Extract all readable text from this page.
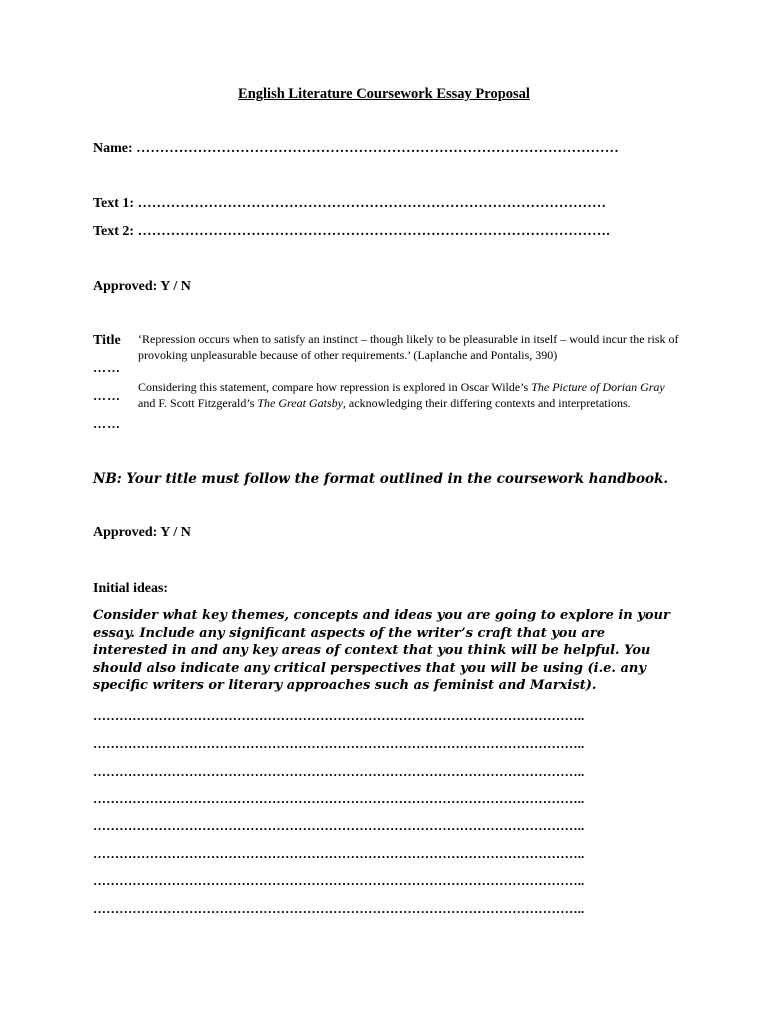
English Literature Coursework Essay Proposal
Name: …………………………………………………………………………………………
Text 1: ………………………………………………………………………………………
Text 2: ……………………………………………………………………………………….
Approved: Y / N
Title
……
……
……
‘Repression occurs when to satisfy an instinct – though likely to be pleasurable in itself – would incur the risk of provoking unpleasurable because of other requirements.’ (Laplanche and Pontalis, 390)
Considering this statement, compare how repression is explored in Oscar Wilde’s The Picture of Dorian Gray and F. Scott Fitzgerald’s The Great Gatsby, acknowledging their differing contexts and interpretations.
NB: Your title must follow the format outlined in the coursework handbook.
Approved: Y / N
Initial ideas:
Consider what key themes, concepts and ideas you are going to explore in your essay. Include any significant aspects of the writer’s craft that you are interested in and any key areas of context that you think will be helpful. You should also indicate any critical perspectives that you will be using (i.e. any specific writers or literary approaches such as feminist and Marxist).
…………………………………………………………………………………………………..
…………………………………………………………………………………………………..
…………………………………………………………………………………………………..
…………………………………………………………………………………………………..
…………………………………………………………………………………………………..
…………………………………………………………………………………………………..
…………………………………………………………………………………………………..
…………………………………………………………………………………………………..
